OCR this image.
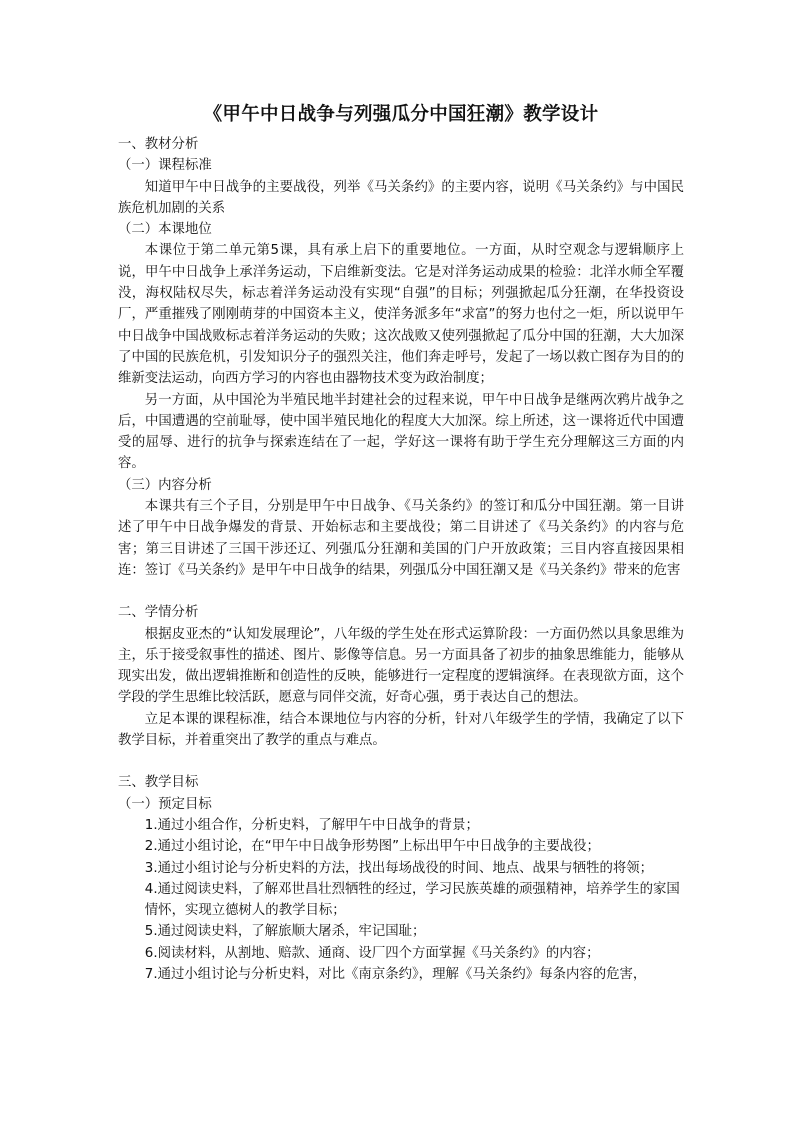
《甲午中日战争与列强瓜分中国狂潮》教学设计
一、教材分析
（一）课程标准

知道甲午中日战争的主要战役，列举《马关条约》的主要内容，说明《马关条约》与中国民族危机加剧的关系

（二）本课地位

本课位于第二单元第5课，具有承上启下的重要地位。一方面，从时空观念与逻辑顺序上说，甲午中日战争上承洋务运动，下启维新变法。它是对洋务运动成果的检验：北洋水师全军覆没，海权陆权尽失，标志着洋务运动没有实现“自强”的目标；列强掀起瓜分狂潮，在华投资设厂，严重摧残了刚刚萌芽的中国资本主义，使洋务派多年“求富”的努力也付之一炬，所以说甲午中日战争中国战败标志着洋务运动的失败；这次战败又使列强掀起了瓜分中国的狂潮，大大加深了中国的民族危机，引发知识分子的强烈关注，他们奔走呼号，发起了一场以救亡图存为目的的维新变法运动，向西方学习的内容也由器物技术变为政治制度；

另一方面，从中国沦为半殖民地半封建社会的过程来说，甲午中日战争是继两次鸦片战争之后，中国遭遇的空前耻辱，使中国半殖民地化的程度大大加深。综上所述，这一课将近代中国遭受的屈辱、进行的抗争与探索连结在了一起，学好这一课将有助于学生充分理解这三方面的内容。

（三）内容分析

本课共有三个子目，分别是甲午中日战争、《马关条约》的签订和瓜分中国狂潮。第一目讲述了甲午中日战争爆发的背景、开始标志和主要战役；第二目讲述了《马关条约》的内容与危害；第三目讲述了三国干涉还辽、列强瓜分狂潮和美国的门户开放政策；三目内容直接因果相连：签订《马关条约》是甲午中日战争的结果，列强瓜分中国狂潮又是《马关条约》带来的危害

二、学情分析

根据皮亚杰的“认知发展理论”，八年级的学生处在形式运算阶段：一方面仍然以具象思维为主，乐于接受叙事性的描述、图片、影像等信息。另一方面具备了初步的抽象思维能力，能够从现实出发，做出逻辑推断和创造性的反映，能够进行一定程度的逻辑演绎。在表现欲方面，这个学段的学生思维比较活跃，愿意与同伴交流，好奇心强，勇于表达自己的想法。

立足本课的课程标准，结合本课地位与内容的分析，针对八年级学生的学情，我确定了以下教学目标，并着重突出了教学的重点与难点。

三、教学目标
（一）预定目标

1.通过小组合作，分析史料，了解甲午中日战争的背景；

2.通过小组讨论，在“甲午中日战争形势图”上标出甲午中日战争的主要战役；

3.通过小组讨论与分析史料的方法，找出每场战役的时间、地点、战果与牺牲的将领；

4.通过阅读史料，了解邓世昌壮烈牺牲的经过，学习民族英雄的顽强精神，培养学生的家国情怀，实现立德树人的教学目标；

5.通过阅读史料，了解旅顺大屠杀，牢记国耻；

6.阅读材料，从割地、赔款、通商、设厂四个方面掌握《马关条约》的内容；

7.通过小组讨论与分析史料，对比《南京条约》，理解《马关条约》每条内容的危害，
